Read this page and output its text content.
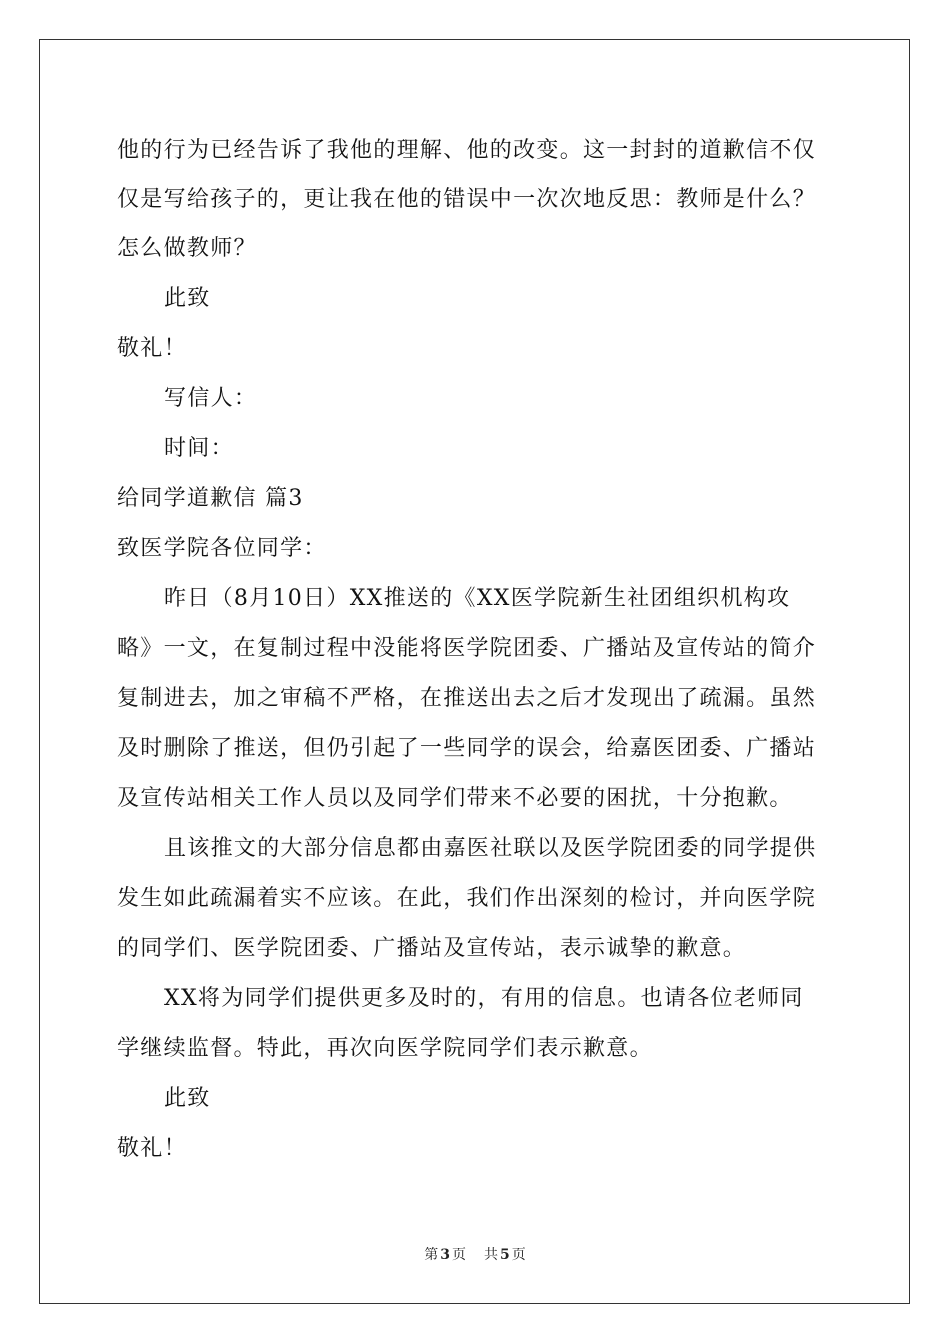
他的行为已经告诉了我他的理解、他的改变。这一封封的道歉信不仅
仅是写给孩子的，更让我在他的错误中一次次地反思：教师是什么？
怎么做教师？
此致
敬礼！
写信人：
时间：
给同学道歉信 篇3
致医学院各位同学：
昨日（8月10日）XX推送的《XX医学院新生社团组织机构攻
略》一文，在复制过程中没能将医学院团委、广播站及宣传站的简介
复制进去，加之审稿不严格，在推送出去之后才发现出了疏漏。虽然
及时删除了推送，但仍引起了一些同学的误会，给嘉医团委、广播站
及宣传站相关工作人员以及同学们带来不必要的困扰，十分抱歉。
且该推文的大部分信息都由嘉医社联以及医学院团委的同学提供
发生如此疏漏着实不应该。在此，我们作出深刻的检讨，并向医学院
的同学们、医学院团委、广播站及宣传站，表示诚挚的歉意。
XX将为同学们提供更多及时的，有用的信息。也请各位老师同
学继续监督。特此，再次向医学院同学们表示歉意。
此致
敬礼！
第 3 页 共 5 页
